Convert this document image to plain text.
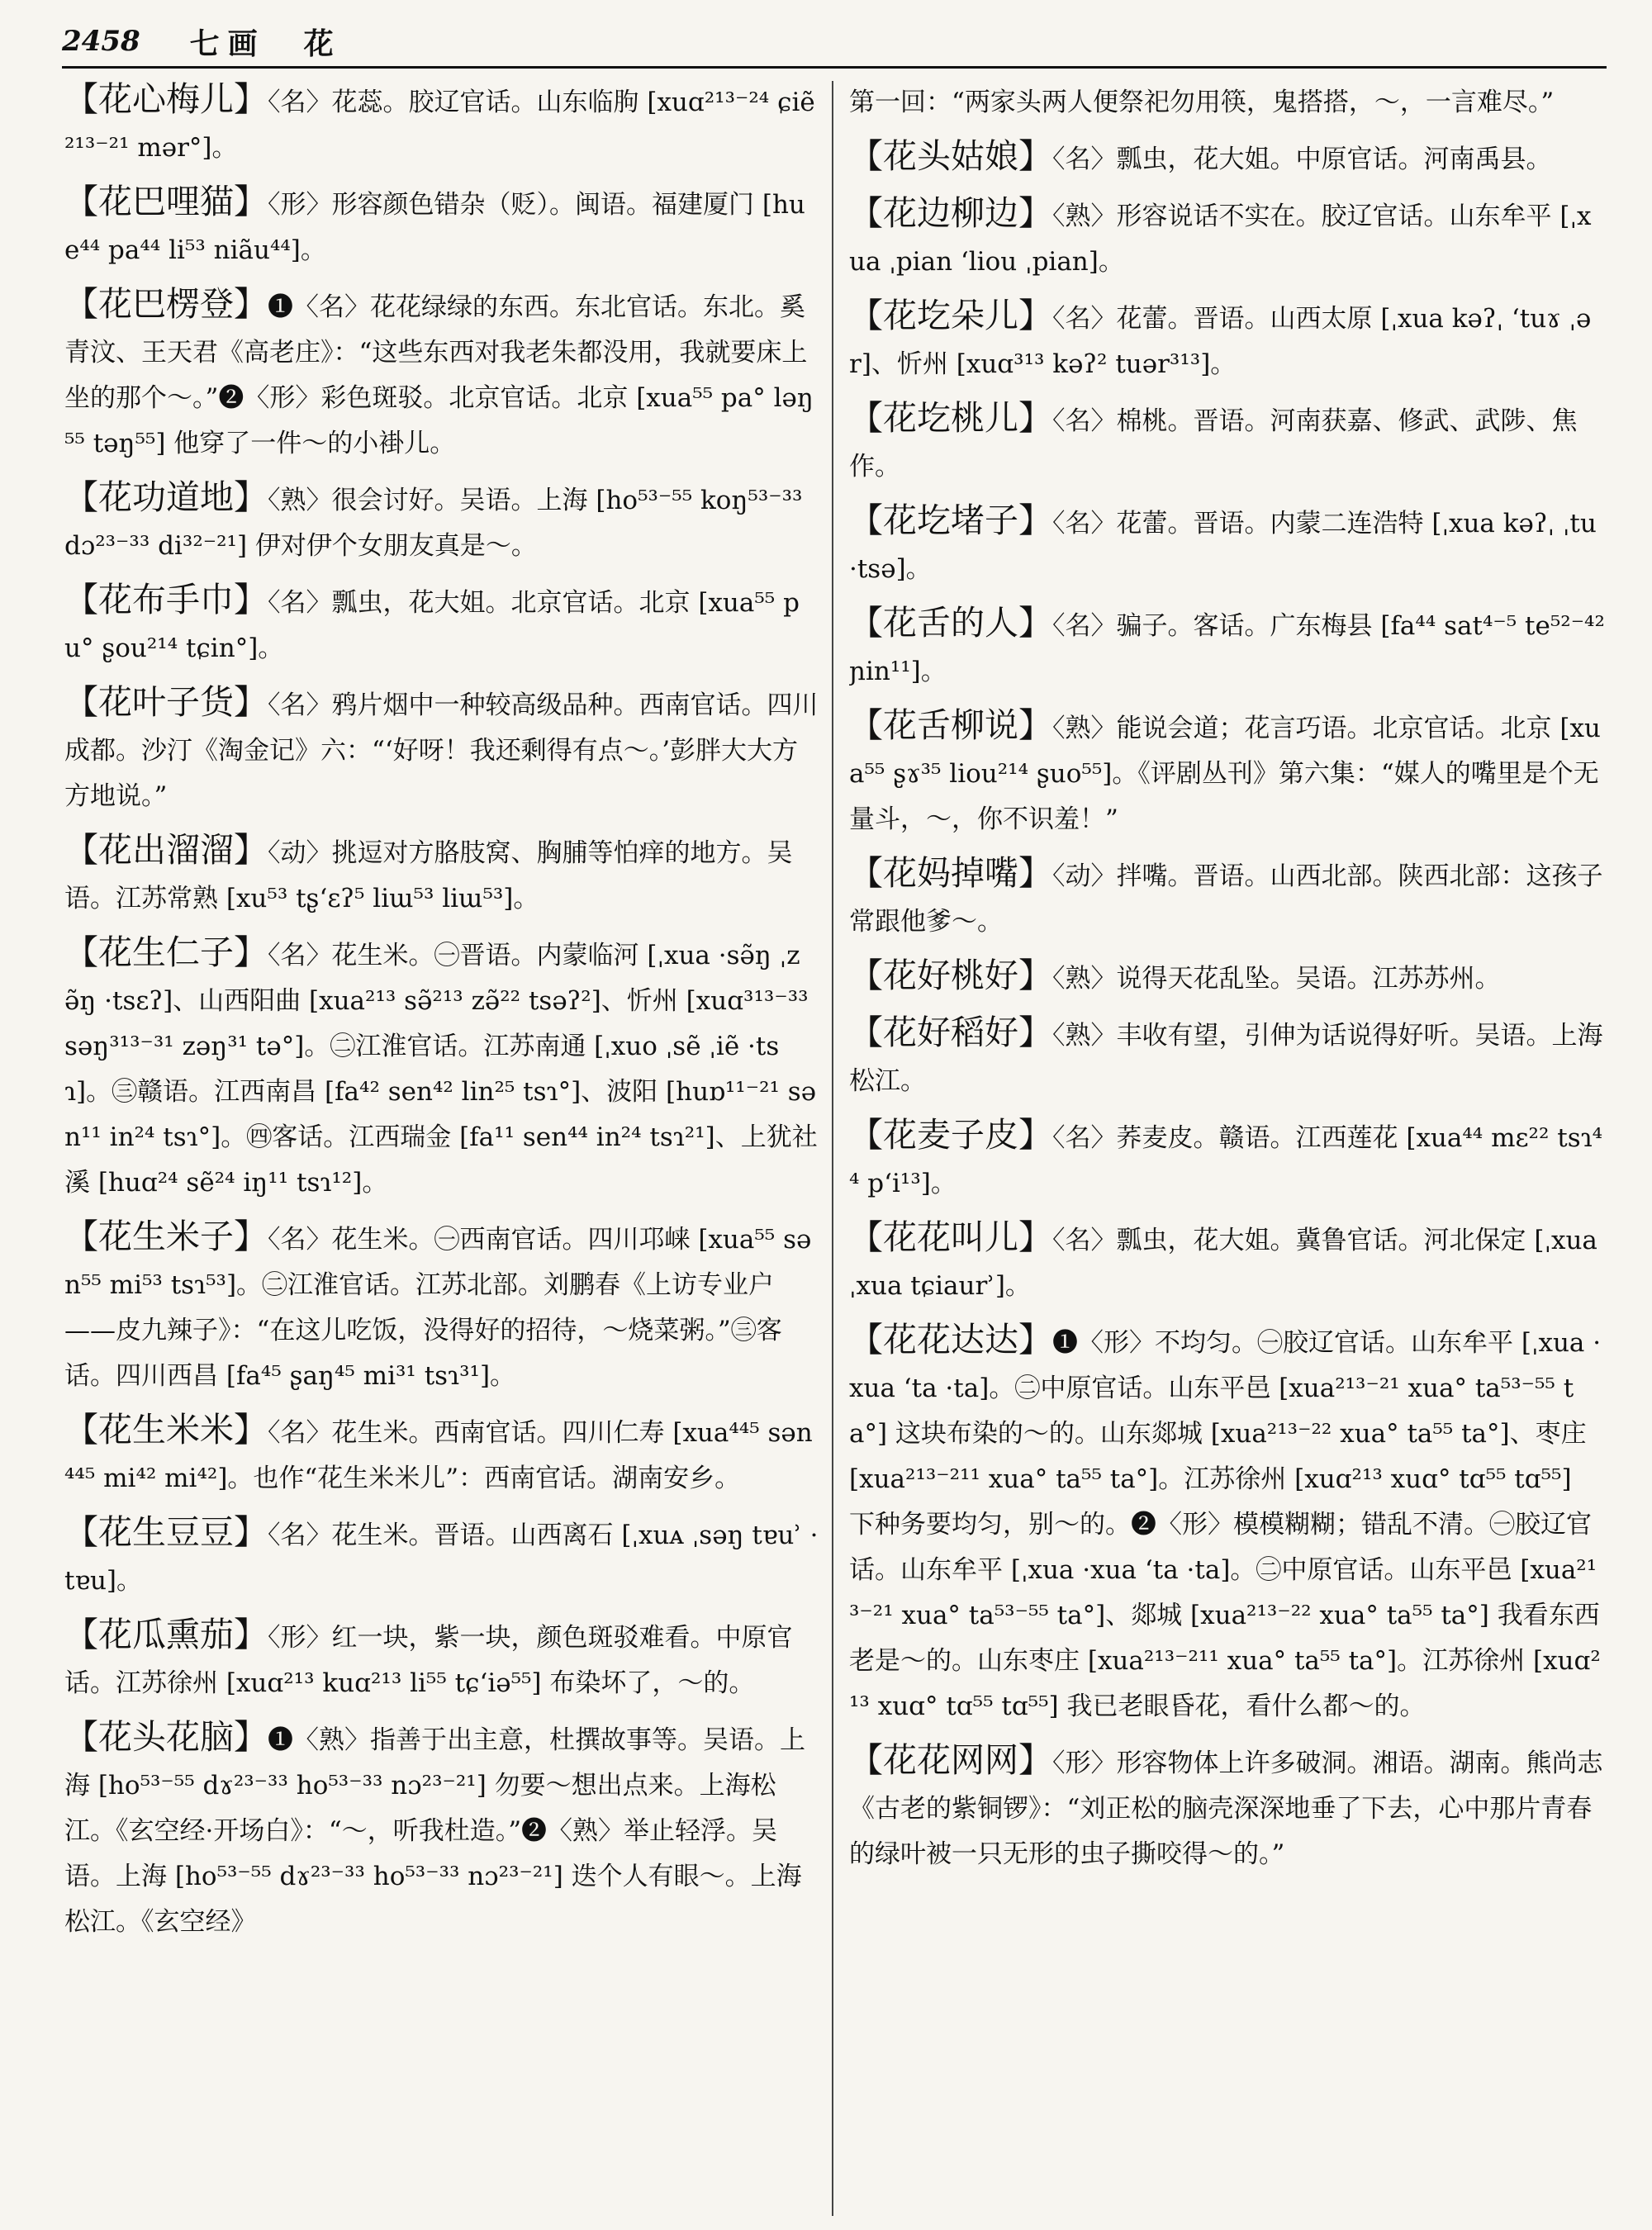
2458 七画　花
【花心梅儿】〈名〉花蕊。胶辽官话。山东临朐 [xuɑ²¹³⁻²⁴ ɕiẽ²¹³⁻²¹ mər°]。
【花巴哩猫】〈形〉形容颜色错杂（贬）。闽语。福建厦门 [hue⁴⁴ pa⁴⁴ li⁵³ niãu⁴⁴]。
【花巴楞登】❶〈名〉花花绿绿的东西。东北官话。东北。奚青汶、王天君《高老庄》：“这些东西对我老朱都没用，我就要床上坐的那个～。”❷〈形〉彩色斑驳。北京官话。北京 [xua⁵⁵ pa° ləŋ⁵⁵ təŋ⁵⁵] 他穿了一件～的小褂儿。
【花功道地】〈熟〉很会讨好。吴语。上海 [ho⁵³⁻⁵⁵ koŋ⁵³⁻³³ dɔ²³⁻³³ di³²⁻²¹] 伊对伊个女朋友真是～。
【花布手巾】〈名〉瓢虫，花大姐。北京官话。北京 [xua⁵⁵ pu° ʂou²¹⁴ tɕin°]。
【花叶子货】〈名〉鸦片烟中一种较高级品种。西南官话。四川成都。沙汀《淘金记》六：“‘好呀！我还剩得有点～。’彭胖大大方方地说。”
【花出溜溜】〈动〉挑逗对方胳肢窝、胸脯等怕痒的地方。吴语。江苏常熟 [xu⁵³ tʂʻɛʔ⁵ liɯ⁵³ liɯ⁵³]。
【花生仁子】〈名〉花生米。㊀晋语。内蒙临河 [ˌxua ·sə̃ŋ ˌzə̃ŋ ·tsɛʔ]、山西阳曲 [xua²¹³ sə̃²¹³ zə̃²² tsəʔ²]、忻州 [xuɑ³¹³⁻³³ səŋ³¹³⁻³¹ zəŋ³¹ tə°]。㊁江淮官话。江苏南通 [ˌxuo ˌsẽ ˌiẽ ·tsɿ]。㊂赣语。江西南昌 [fa⁴² sen⁴² lin²⁵ tsɿ°]、波阳 [huɒ¹¹⁻²¹ sən¹¹ in²⁴ tsɿ°]。㊃客话。江西瑞金 [fa¹¹ sen⁴⁴ in²⁴ tsɿ²¹]、上犹社溪 [huɑ²⁴ sẽ²⁴ iŋ¹¹ tsɿ¹²]。
【花生米子】〈名〉花生米。㊀西南官话。四川邛崃 [xua⁵⁵ sən⁵⁵ mi⁵³ tsɿ⁵³]。㊁江淮官话。江苏北部。刘鹏春《上访专业户——皮九辣子》：“在这儿吃饭，没得好的招待，～烧菜粥。”㊂客话。四川西昌 [fa⁴⁵ ʂaŋ⁴⁵ mi³¹ tsɿ³¹]。
【花生米米】〈名〉花生米。西南官话。四川仁寿 [xua⁴⁴⁵ sən⁴⁴⁵ mi⁴² mi⁴²]。也作“花生米米儿”：西南官话。湖南安乡。
【花生豆豆】〈名〉花生米。晋语。山西离石 [ˌxuᴀ ˌsəŋ tɐuʾ ·tɐu]。
【花瓜熏茄】〈形〉红一块，紫一块，颜色斑驳难看。中原官话。江苏徐州 [xuɑ²¹³ kuɑ²¹³ li⁵⁵ tɕʻiə⁵⁵] 布染坏了，～的。
【花头花脑】❶〈熟〉指善于出主意，杜撰故事等。吴语。上海 [ho⁵³⁻⁵⁵ dɤ²³⁻³³ ho⁵³⁻³³ nɔ²³⁻²¹] 勿要～想出点来。上海松江。《玄空经·开场白》：“～，听我杜造。”❷〈熟〉举止轻浮。吴语。上海 [ho⁵³⁻⁵⁵ dɤ²³⁻³³ ho⁵³⁻³³ nɔ²³⁻²¹] 迭个人有眼～。上海松江。《玄空经》
第一回：“两家头两人便祭祀勿用筷，鬼搭搭，～，一言难尽。”
【花头姑娘】〈名〉瓢虫，花大姐。中原官话。河南禹县。
【花边柳边】〈熟〉形容说话不实在。胶辽官话。山东牟平 [ˌxua ˌpian ʻliou ˌpian]。
【花圪朵儿】〈名〉花蕾。晋语。山西太原 [ˌxua kəʔˌ ʻtuɤ ˌər]、忻州 [xuɑ³¹³ kəʔ² tuər³¹³]。
【花圪桃儿】〈名〉棉桃。晋语。河南获嘉、修武、武陟、焦作。
【花圪堵子】〈名〉花蕾。晋语。内蒙二连浩特 [ˌxua kəʔˌ ˌtu ·tsə]。
【花舌的人】〈名〉骗子。客话。广东梅县 [fa⁴⁴ sat⁴⁻⁵ te⁵²⁻⁴² ɲin¹¹]。
【花舌柳说】〈熟〉能说会道；花言巧语。北京官话。北京 [xua⁵⁵ ʂɤ³⁵ liou²¹⁴ ʂuo⁵⁵]。《评剧丛刊》第六集：“媒人的嘴里是个无量斗，～，你不识羞！”
【花妈掉嘴】〈动〉拌嘴。晋语。山西北部。陕西北部：这孩子常跟他爹～。
【花好桃好】〈熟〉说得天花乱坠。吴语。江苏苏州。
【花好稻好】〈熟〉丰收有望，引伸为话说得好听。吴语。上海松江。
【花麦子皮】〈名〉荞麦皮。赣语。江西莲花 [xua⁴⁴ mɛ²² tsɿ⁴⁴ pʻi¹³]。
【花花叫儿】〈名〉瓢虫，花大姐。冀鲁官话。河北保定 [ˌxua ˌxua tɕiaurʾ]。
【花花达达】❶〈形〉不均匀。㊀胶辽官话。山东牟平 [ˌxua ·xua ʻta ·ta]。㊁中原官话。山东平邑 [xua²¹³⁻²¹ xua° ta⁵³⁻⁵⁵ ta°] 这块布染的～的。山东郯城 [xua²¹³⁻²² xua° ta⁵⁵ ta°]、枣庄 [xua²¹³⁻²¹¹ xua° ta⁵⁵ ta°]。江苏徐州 [xuɑ²¹³ xuɑ° tɑ⁵⁵ tɑ⁵⁵] 下种务要均匀，别～的。❷〈形〉模模糊糊；错乱不清。㊀胶辽官话。山东牟平 [ˌxua ·xua ʻta ·ta]。㊁中原官话。山东平邑 [xua²¹³⁻²¹ xua° ta⁵³⁻⁵⁵ ta°]、郯城 [xua²¹³⁻²² xua° ta⁵⁵ ta°] 我看东西老是～的。山东枣庄 [xua²¹³⁻²¹¹ xua° ta⁵⁵ ta°]。江苏徐州 [xuɑ²¹³ xuɑ° tɑ⁵⁵ tɑ⁵⁵] 我已老眼昏花，看什么都～的。
【花花网网】〈形〉形容物体上许多破洞。湘语。湖南。熊尚志《古老的紫铜锣》：“刘正松的脑壳深深地垂了下去，心中那片青春的绿叶被一只无形的虫子撕咬得～的。”
